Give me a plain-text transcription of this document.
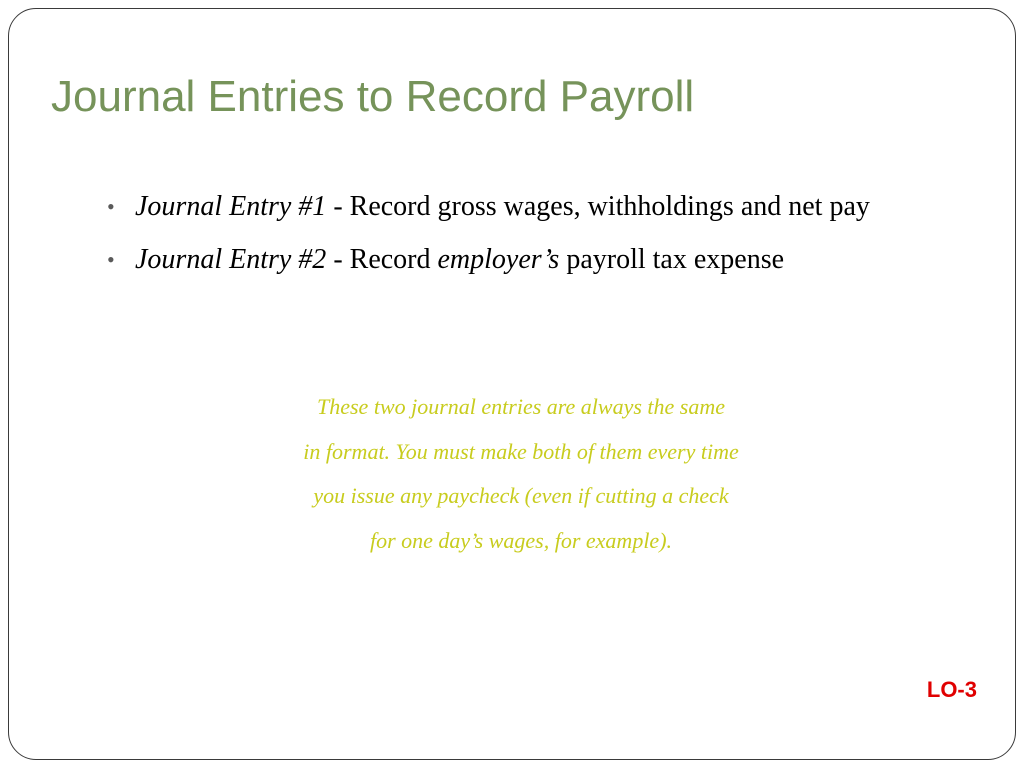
Journal Entries to Record Payroll
• Journal Entry #1 - Record gross wages, withholdings and net pay
• Journal Entry #2 - Record employer’s payroll tax expense

These two journal entries are always the same
in format. You must make both of them every time
you issue any paycheck (even if cutting a check
for one day’s wages, for example).

LO-3
